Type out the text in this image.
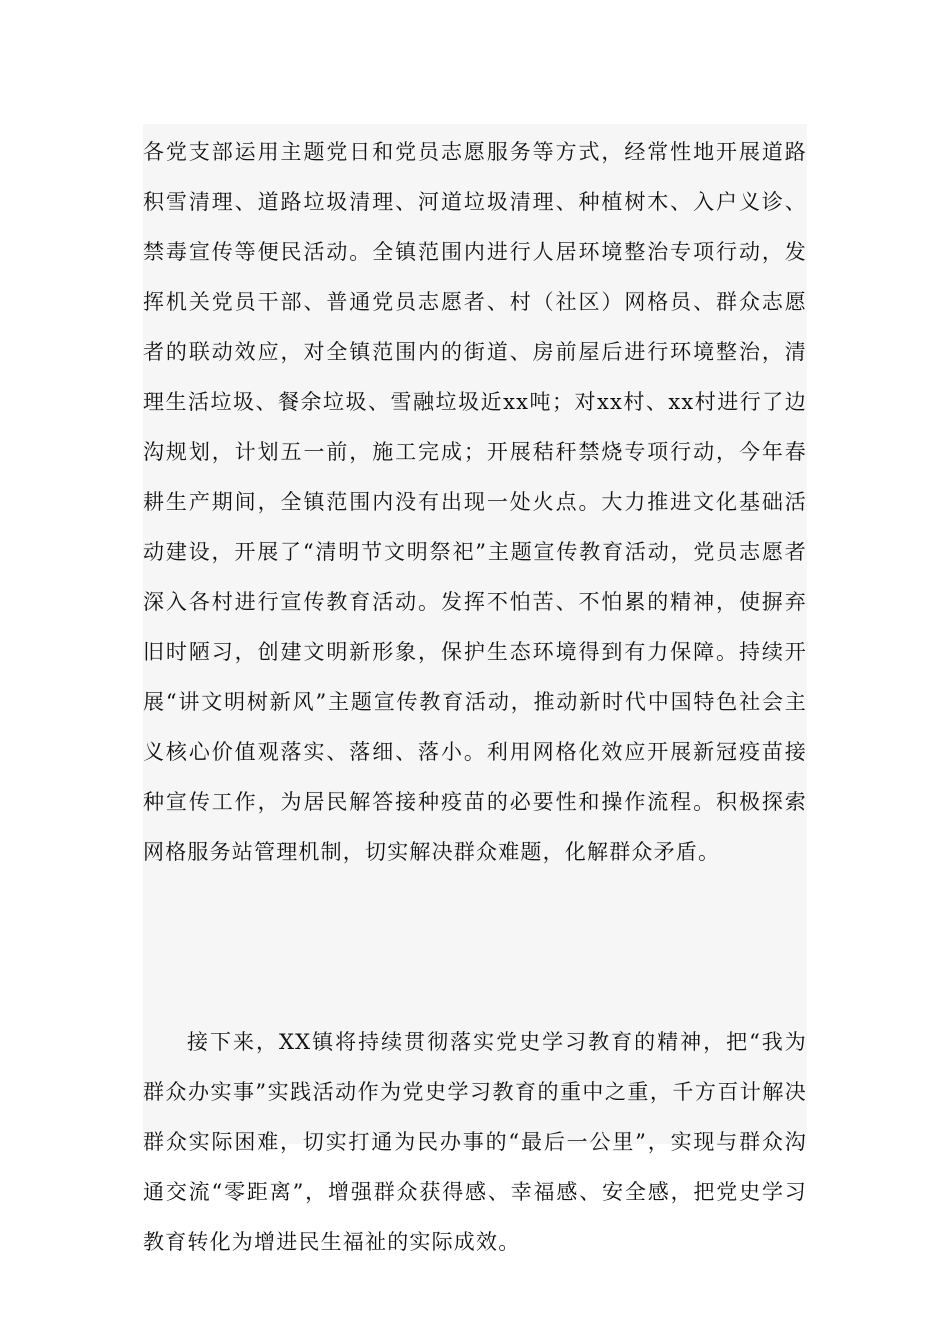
各党支部运用主题党日和党员志愿服务等方式，经常性地开展道路积雪清理、道路垃圾清理、河道垃圾清理、种植树木、入户义诊、禁毒宣传等便民活动。全镇范围内进行人居环境整治专项行动，发挥机关党员干部、普通党员志愿者、村（社区）网格员、群众志愿者的联动效应，对全镇范围内的街道、房前屋后进行环境整治，清理生活垃圾、餐余垃圾、雪融垃圾近xx吨；对xx村、xx村进行了边沟规划，计划五一前，施工完成；开展秸秆禁烧专项行动，今年春耕生产期间，全镇范围内没有出现一处火点。大力推进文化基础活动建设，开展了“清明节文明祭祀”主题宣传教育活动，党员志愿者深入各村进行宣传教育活动。发挥不怕苦、不怕累的精神，使摒弃旧时陋习，创建文明新形象，保护生态环境得到有力保障。持续开展“讲文明树新风”主题宣传教育活动，推动新时代中国特色社会主义核心价值观落实、落细、落小。利用网格化效应开展新冠疫苗接种宣传工作，为居民解答接种疫苗的必要性和操作流程。积极探索网格服务站管理机制，切实解决群众难题，化解群众矛盾。

接下来，XX镇将持续贯彻落实党史学习教育的精神，把“我为群众办实事”实践活动作为党史学习教育的重中之重，千方百计解决群众实际困难，切实打通为民办事的“最后一公里”，实现与群众沟通交流“零距离”，增强群众获得感、幸福感、安全感，把党史学习教育转化为增进民生福祉的实际成效。
